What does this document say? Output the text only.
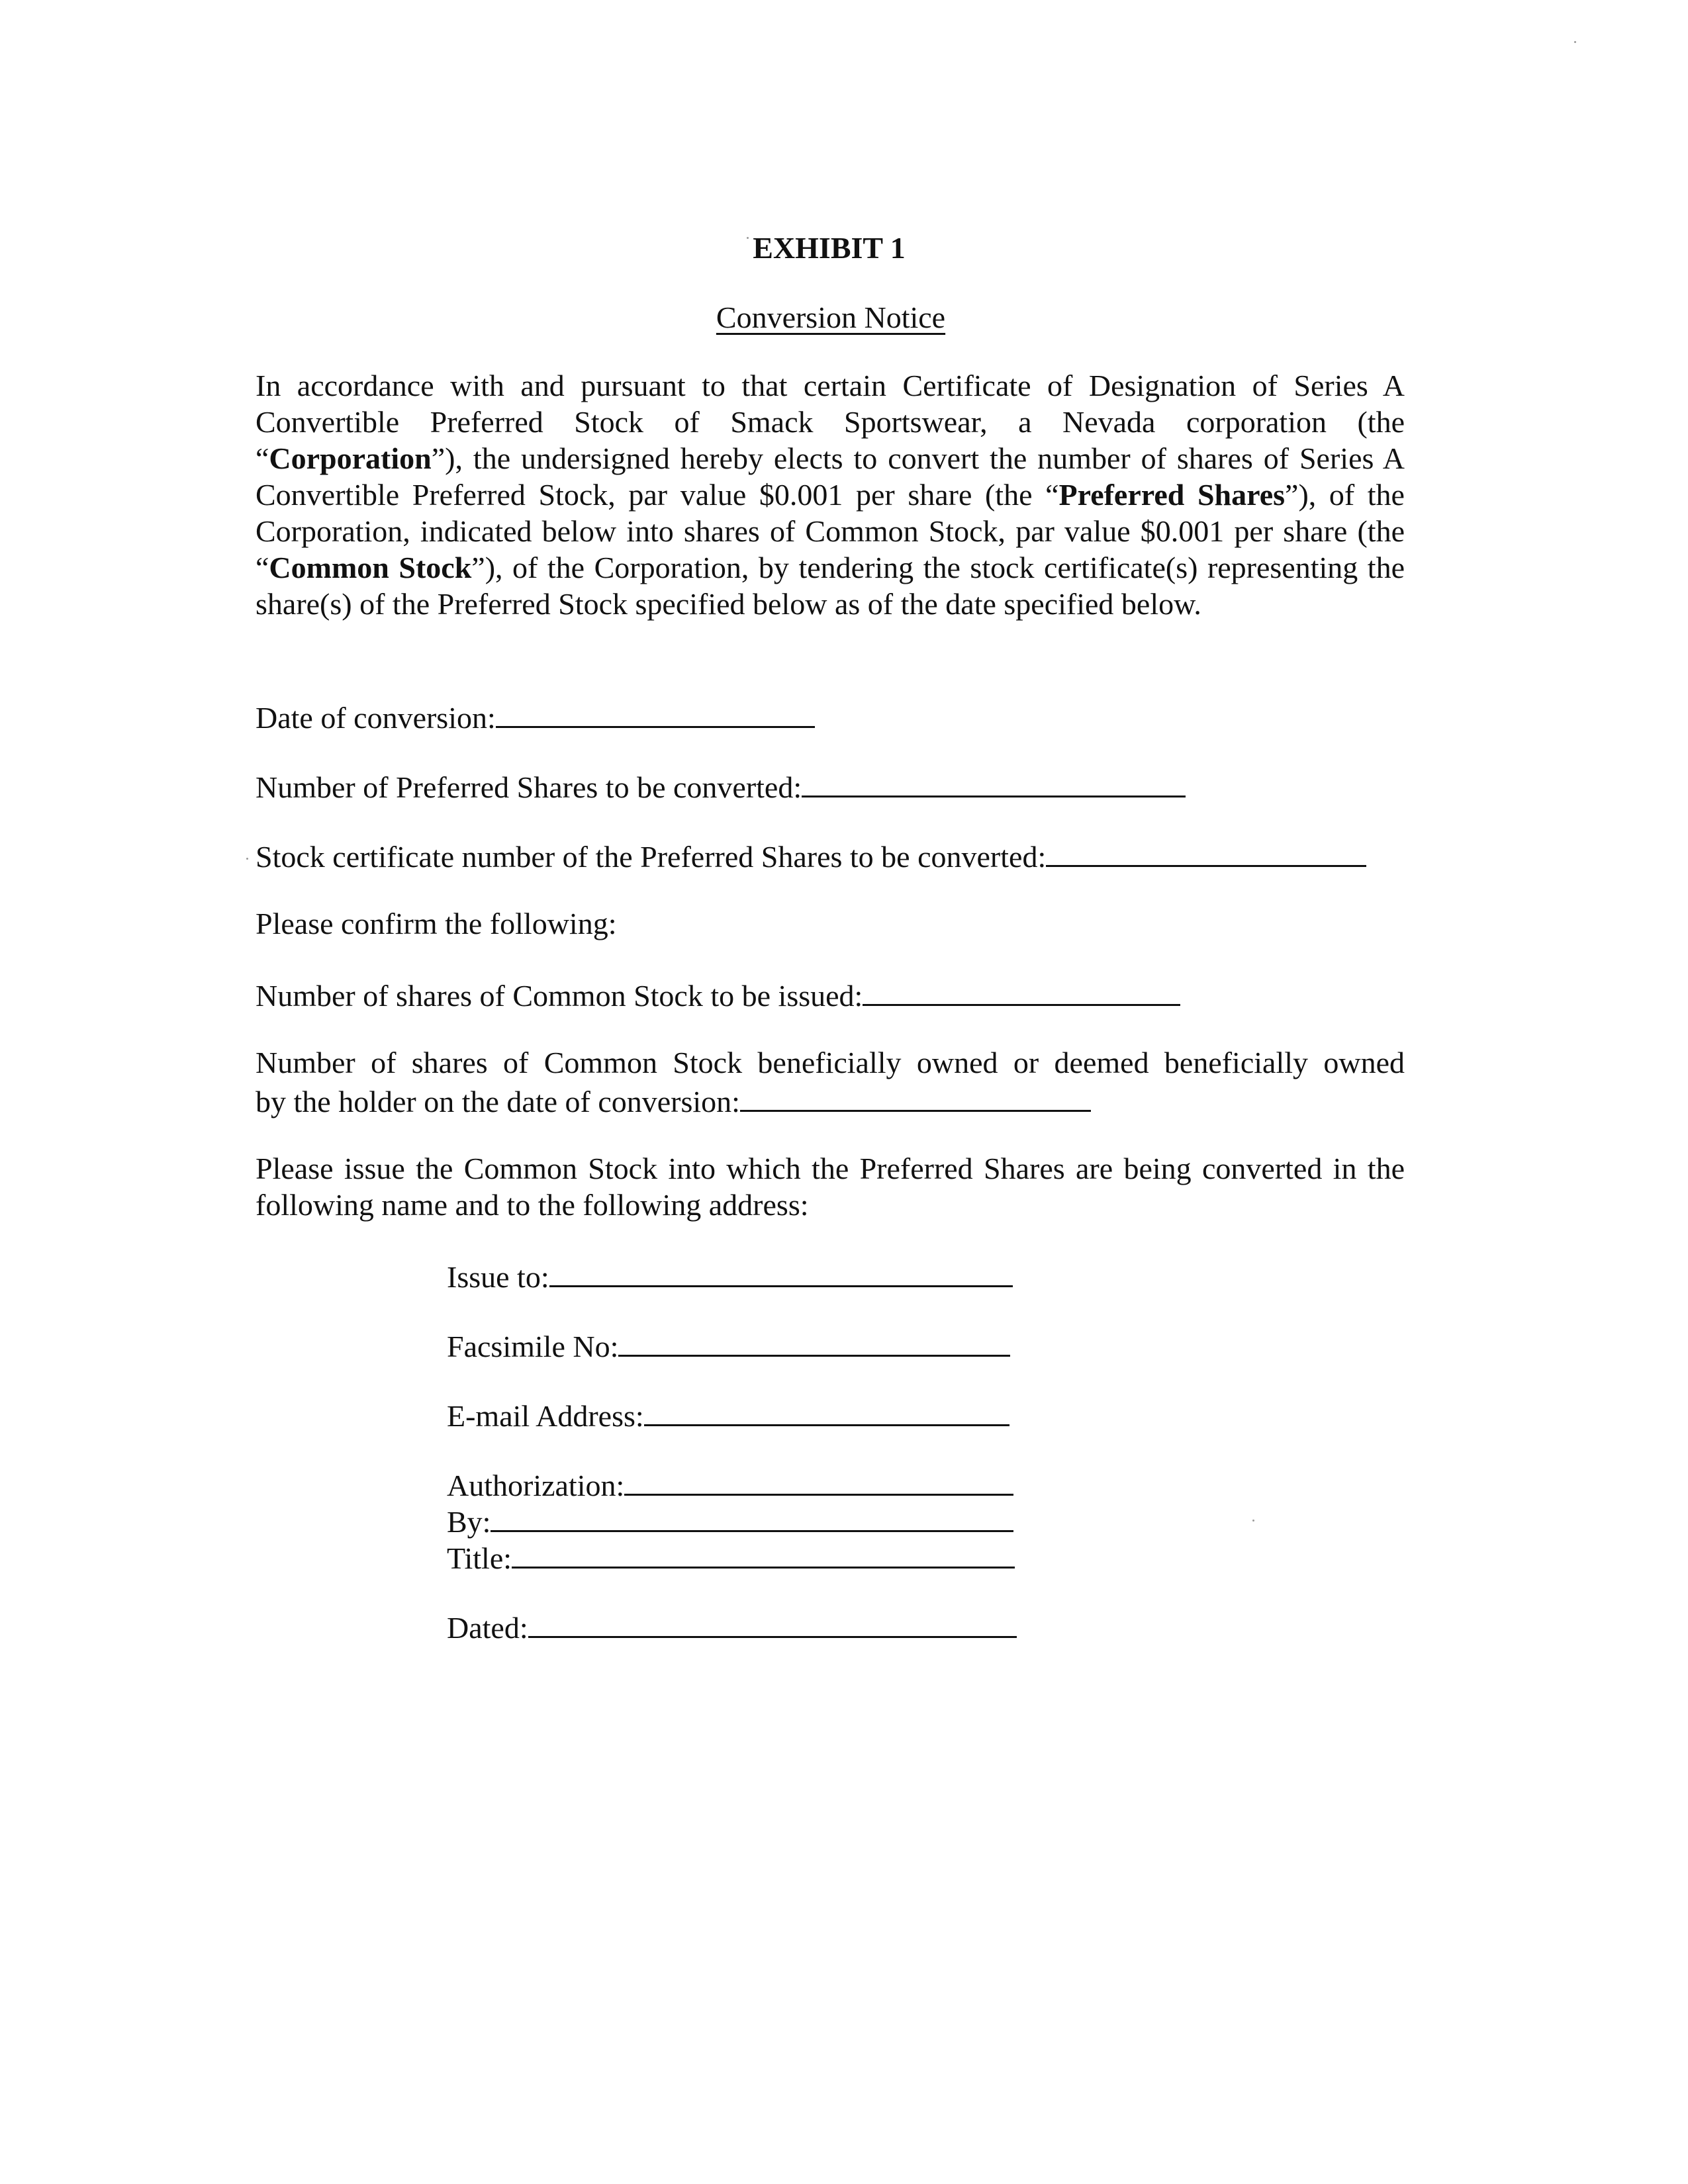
EXHIBIT 1
Conversion Notice

In accordance with and pursuant to that certain Certificate of Designation of Series A Convertible Preferred Stock of Smack Sportswear, a Nevada corporation (the “Corporation”), the undersigned hereby elects to convert the number of shares of Series A Convertible Preferred Stock, par value $0.001 per share (the “Preferred Shares”), of the Corporation, indicated below into shares of Common Stock, par value $0.001 per share (the “Common Stock”), of the Corporation, by tendering the stock certificate(s) representing the share(s) of the Preferred Stock specified below as of the date specified below.

Date of conversion:
Number of Preferred Shares to be converted:
Stock certificate number of the Preferred Shares to be converted:
Please confirm the following:
Number of shares of Common Stock to be issued:

Number of shares of Common Stock beneficially owned or deemed beneficially owned

by the holder on the date of conversion:

Please issue the Common Stock into which the Preferred Shares are being converted in the following name and to the following address:

Issue to:
Facsimile No:
E-mail Address:
Authorization:
By:
Title:
Dated:
